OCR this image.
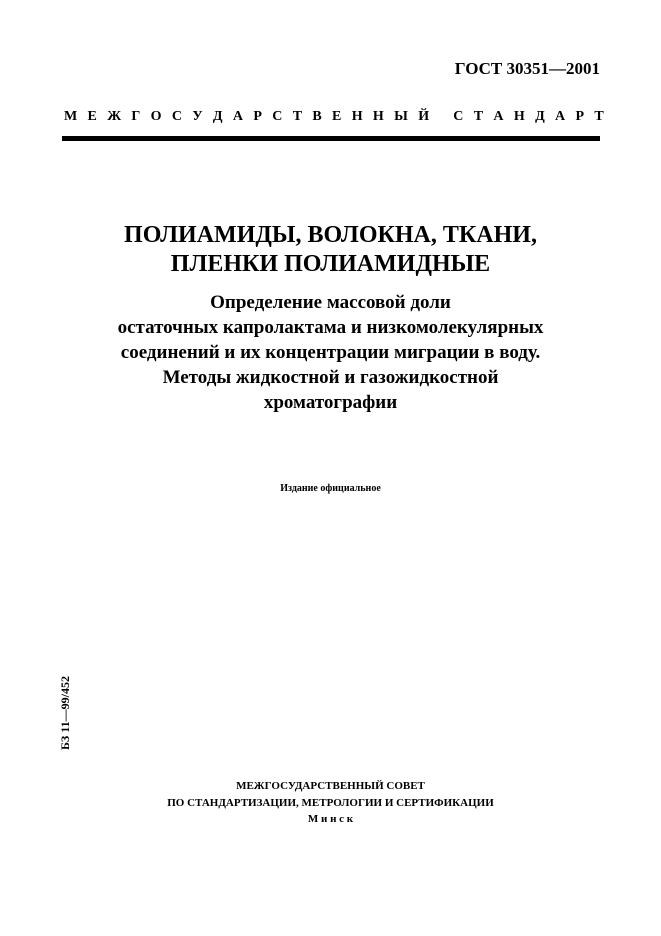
ГОСТ 30351—2001
М Е Ж Г О С У Д А Р С Т В Е Н Н Ы Й
С Т А Н Д А Р Т
ПОЛИАМИДЫ, ВОЛОКНА, ТКАНИ,
ПЛЕНКИ ПОЛИАМИДНЫЕ
Определение массовой доли
остаточных капролактама и низкомолекулярных
соединений и их концентрации миграции в воду.
Методы жидкостной и газожидкостной
хроматографии
Издание официальное
БЗ 11—99/452
МЕЖГОСУДАРСТВЕННЫЙ СОВЕТ
ПО СТАНДАРТИЗАЦИИ, МЕТРОЛОГИИ И СЕРТИФИКАЦИИ
М и н с к
